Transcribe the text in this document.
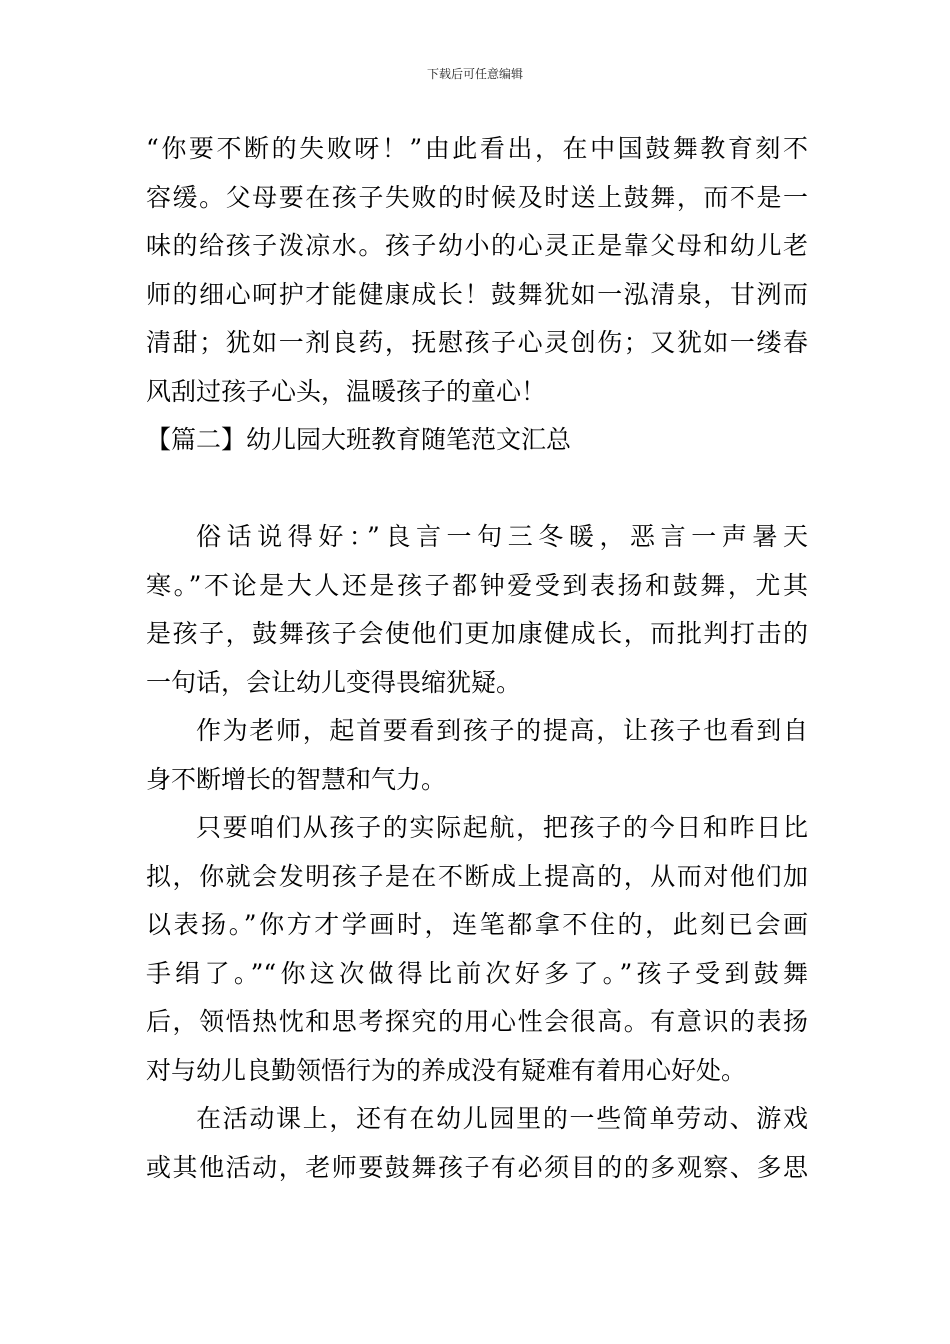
下载后可任意编辑
“你要不断的失败呀！”由此看出，在中国鼓舞教育刻不
容缓。父母要在孩子失败的时候及时送上鼓舞，而不是一
味的给孩子泼凉水。孩子幼小的心灵正是靠父母和幼儿老
师的细心呵护才能健康成长！鼓舞犹如一泓清泉，甘洌而
清甜；犹如一剂良药，抚慰孩子心灵创伤；又犹如一缕春
风刮过孩子心头，温暖孩子的童心！
【篇二】幼儿园大班教育随笔范文汇总
俗话说得好：”良言一句三冬暖，恶言一声暑天
寒。”不论是大人还是孩子都钟爱受到表扬和鼓舞，尤其
是孩子，鼓舞孩子会使他们更加康健成长，而批判打击的
一句话，会让幼儿变得畏缩犹疑。
作为老师，起首要看到孩子的提高，让孩子也看到自
身不断增长的智慧和气力。
只要咱们从孩子的实际起航，把孩子的今日和昨日比
拟，你就会发明孩子是在不断成上提高的，从而对他们加
以表扬。”你方才学画时，连笔都拿不住的，此刻已会画
手绢了。”“你这次做得比前次好多了。”孩子受到鼓舞
后，领悟热忱和思考探究的用心性会很高。有意识的表扬
对与幼儿良勤领悟行为的养成没有疑难有着用心好处。
在活动课上，还有在幼儿园里的一些简单劳动、游戏
或其他活动，老师要鼓舞孩子有必须目的的多观察、多思
